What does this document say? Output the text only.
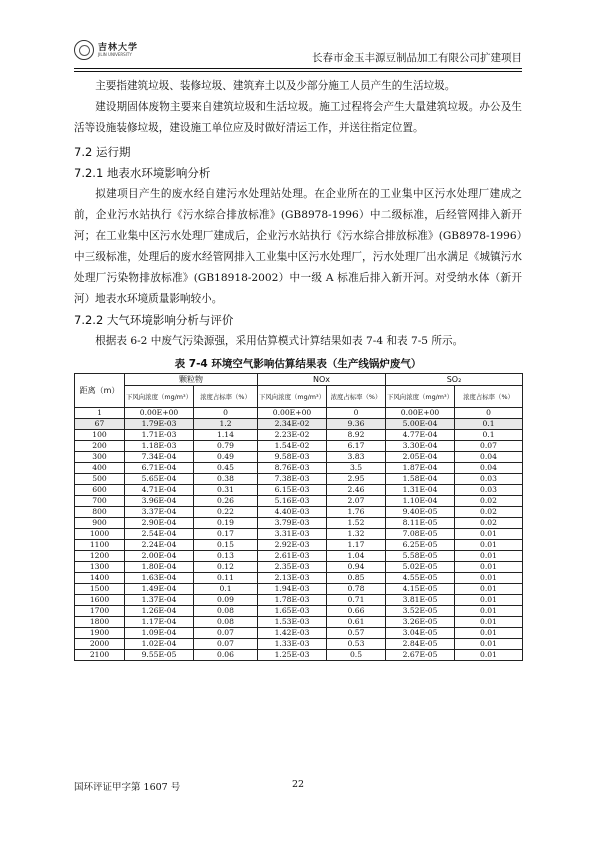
吉林大学
JILIN UNIVERSITY	长春市金玉丰源豆制品加工有限公司扩建项目

主要指建筑垃圾、装修垃圾、建筑弃土以及少部分施工人员产生的生活垃圾。

建设期固体废物主要来自建筑垃圾和生活垃圾。施工过程将会产生大量建筑垃圾。办公及生活等设施装修垃圾，建设施工单位应及时做好清运工作，并送往指定位置。

7.2 运行期

7.2.1 地表水环境影响分析

拟建项目产生的废水经自建污水处理站处理。在企业所在的工业集中区污水处理厂建成之前，企业污水站执行《污水综合排放标准》(GB8978-1996）中二级标准，后经管网排入新开河；在工业集中区污水处理厂建成后，企业污水站执行《污水综合排放标准》(GB8978-1996）中三级标准，处理后的废水经管网排入工业集中区污水处理厂，污水处理厂出水满足《城镇污水处理厂污染物排放标准》(GB18918-2002）中一级 A 标准后排入新开河。对受纳水体（新开河）地表水环境质量影响较小。

7.2.2 大气环境影响分析与评价

根据表 6-2 中废气污染源强，采用估算模式计算结果如表 7-4 和表 7-5 所示。

表 7-4 环境空气影响估算结果表（生产线锅炉废气）
距离（m）	颗粒物		NOx		SO₂	
	下风向浓度（mg/m³）	浓度占标率（%）	下风向浓度（mg/m³）	浓度占标率（%）	下风向浓度（mg/m³）	浓度占标率（%）
1	0.00E+00	0	0.00E+00	0	0.00E+00	0
67	1.79E-03	1.2	2.34E-02	9.36	5.00E-04	0.1
100	1.71E-03	1.14	2.23E-02	8.92	4.77E-04	0.1
200	1.18E-03	0.79	1.54E-02	6.17	3.30E-04	0.07
300	7.34E-04	0.49	9.58E-03	3.83	2.05E-04	0.04
400	6.71E-04	0.45	8.76E-03	3.5	1.87E-04	0.04
500	5.65E-04	0.38	7.38E-03	2.95	1.58E-04	0.03
600	4.71E-04	0.31	6.15E-03	2.46	1.31E-04	0.03
700	3.96E-04	0.26	5.16E-03	2.07	1.10E-04	0.02
800	3.37E-04	0.22	4.40E-03	1.76	9.40E-05	0.02
900	2.90E-04	0.19	3.79E-03	1.52	8.11E-05	0.02
1000	2.54E-04	0.17	3.31E-03	1.32	7.08E-05	0.01
1100	2.24E-04	0.15	2.92E-03	1.17	6.25E-05	0.01
1200	2.00E-04	0.13	2.61E-03	1.04	5.58E-05	0.01
1300	1.80E-04	0.12	2.35E-03	0.94	5.02E-05	0.01
1400	1.63E-04	0.11	2.13E-03	0.85	4.55E-05	0.01
1500	1.49E-04	0.1	1.94E-03	0.78	4.15E-05	0.01
1600	1.37E-04	0.09	1.78E-03	0.71	3.81E-05	0.01
1700	1.26E-04	0.08	1.65E-03	0.66	3.52E-05	0.01
1800	1.17E-04	0.08	1.53E-03	0.61	3.26E-05	0.01
1900	1.09E-04	0.07	1.42E-03	0.57	3.04E-05	0.01
2000	1.02E-04	0.07	1.33E-03	0.53	2.84E-05	0.01
2100	9.55E-05	0.06	1.25E-03	0.5	2.67E-05	0.01
国环评证甲字第 1607 号	22
